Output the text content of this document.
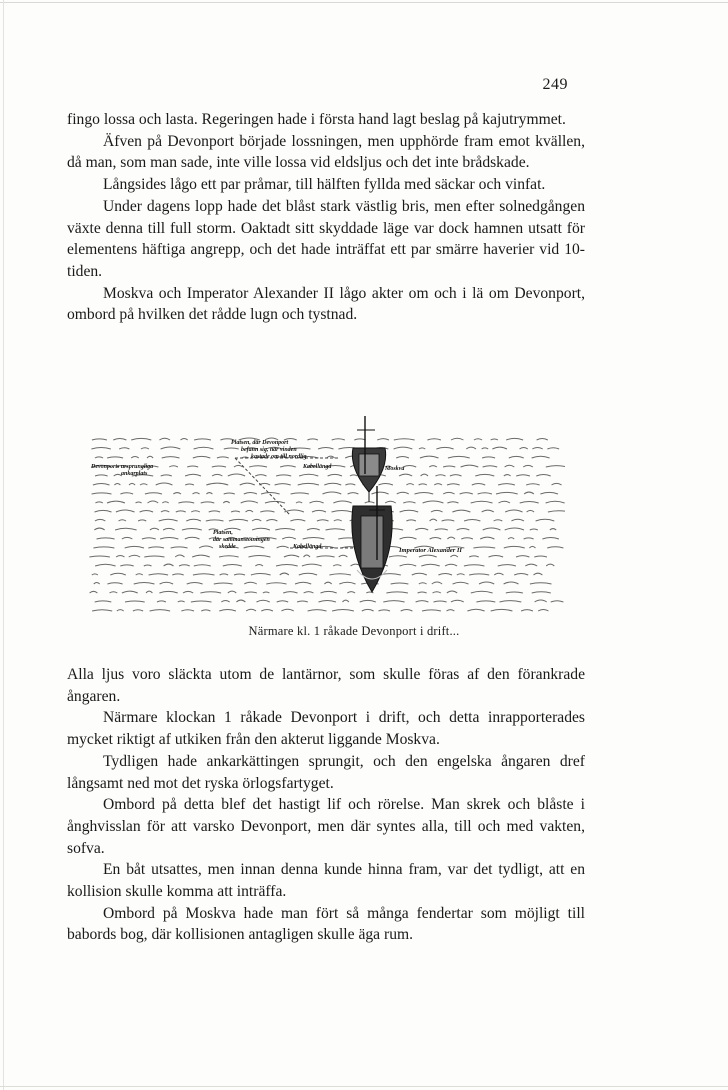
249

fingo lossa och lasta. Regeringen hade i första hand lagt beslag på kajutrymmet.

Äfven på Devonport började lossningen, men upphörde fram emot kvällen, då man, som man sade, inte ville lossa vid eldsljus och det inte brådskade.

Långsides lågo ett par pråmar, till hälften fyllda med säckar och vinfat.

Under dagens lopp hade det blåst stark västlig bris, men efter solnedgången växte denna till full storm. Oaktadt sitt skyddade läge var dock hamnen utsatt för elementens häftiga angrepp, och det hade inträffat ett par smärre haverier vid 10-tiden.

Moskva och Imperator Alexander II lågo akter om och i lä om Devonport, ombord på hvilken det rådde lugn och tystnad.

Platsen, där Devonport
befann sig, när vinden
kastade om till nordlig
Devonports ursprungliga
ankarplats
Kabellängd	Moskva
Platsen,
där sammanstötningen
skedde	Kabellängd	Imperator Alexander II
Närmare kl. 1 råkade Devonport i drift...

Alla ljus voro släckta utom de lantärnor, som skulle föras af den förankrade ångaren.

Närmare klockan 1 råkade Devonport i drift, och detta inrapporterades mycket riktigt af utkiken från den akterut liggande Moskva.

Tydligen hade ankarkättingen sprungit, och den engelska ångaren dref långsamt ned mot det ryska örlogsfartyget.

Ombord på detta blef det hastigt lif och rörelse. Man skrek och blåste i ånghvisslan för att varsko Devonport, men där syntes alla, till och med vakten, sofva.

En båt utsattes, men innan denna kunde hinna fram, var det tydligt, att en kollision skulle komma att inträffa.

Ombord på Moskva hade man fört så många fendertar som möjligt till babords bog, där kollisionen antagligen skulle äga rum.
